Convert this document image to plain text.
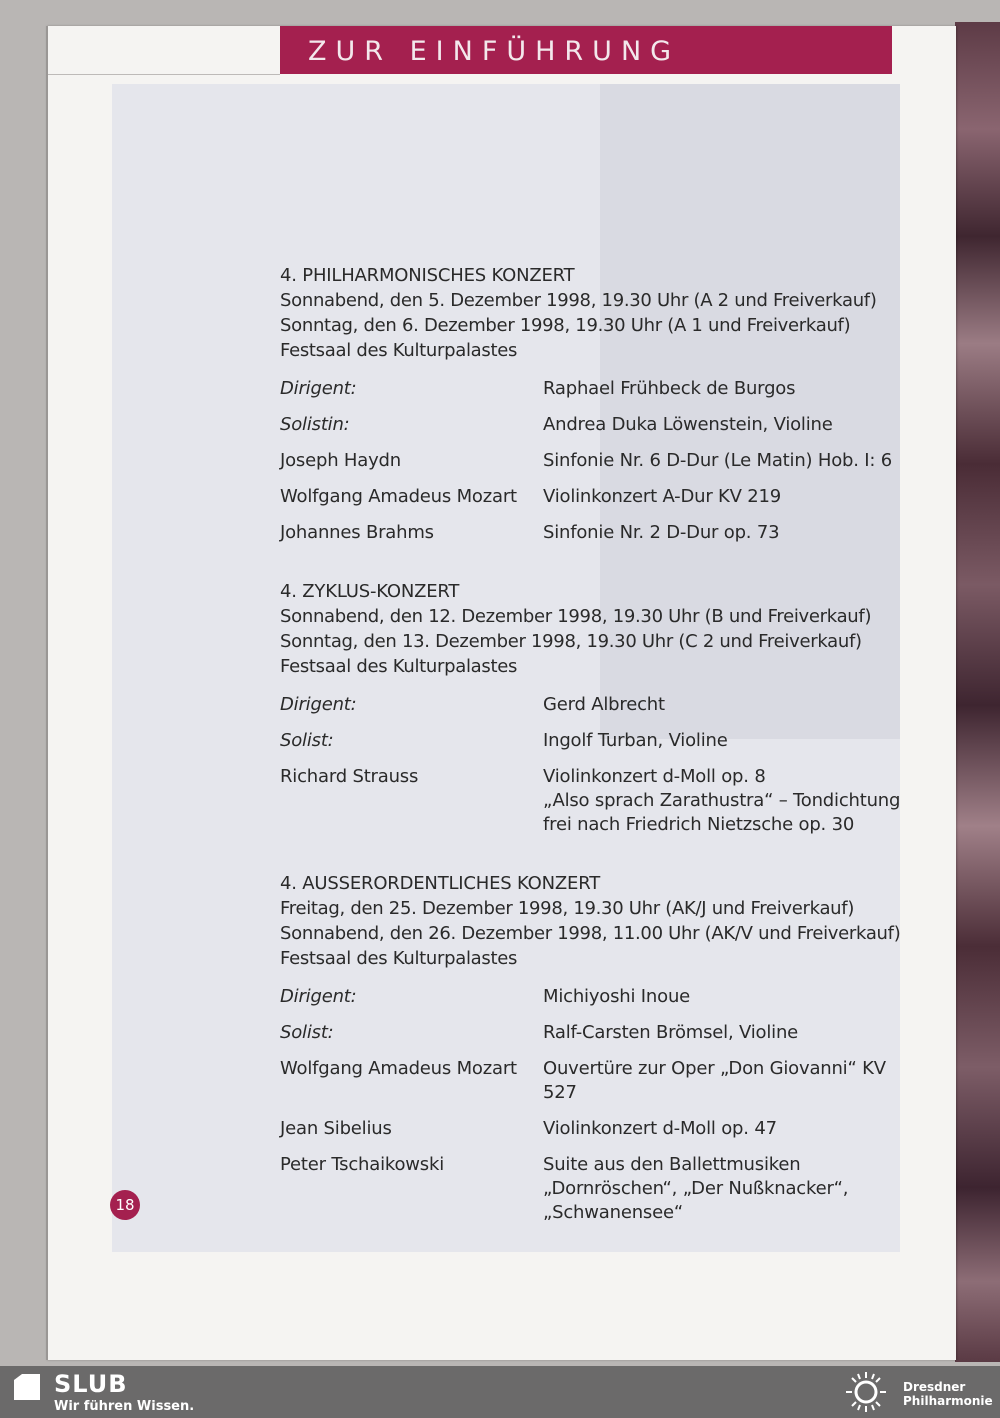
ZUR EINFÜHRUNG
4. PHILHARMONISCHES KONZERT
Sonnabend, den 5. Dezember 1998, 19.30 Uhr (A 2 und Freiverkauf)
Sonntag, den 6. Dezember 1998, 19.30 Uhr (A 1 und Freiverkauf)
Festsaal des Kulturpalastes
Dirigent:	Raphael Frühbeck de Burgos
Solistin:	Andrea Duka Löwenstein, Violine
Joseph Haydn	Sinfonie Nr. 6 D-Dur (Le Matin) Hob. I: 6
Wolfgang Amadeus Mozart	Violinkonzert A-Dur KV 219
Johannes Brahms	Sinfonie Nr. 2 D-Dur op. 73
4. ZYKLUS-KONZERT
Sonnabend, den 12. Dezember 1998, 19.30 Uhr (B und Freiverkauf)
Sonntag, den 13. Dezember 1998, 19.30 Uhr (C 2 und Freiverkauf)
Festsaal des Kulturpalastes
Dirigent:	Gerd Albrecht
Solist:	Ingolf Turban, Violine
Richard Strauss	Violinkonzert d-Moll op. 8
„Also sprach Zarathustra“ – Tondichtung frei nach Friedrich Nietzsche op. 30
4. AUSSERORDENTLICHES KONZERT
Freitag, den 25. Dezember 1998, 19.30 Uhr (AK/J und Freiverkauf)
Sonnabend, den 26. Dezember 1998, 11.00 Uhr (AK/V und Freiverkauf)
Festsaal des Kulturpalastes
Dirigent:	Michiyoshi Inoue
Solist:	Ralf-Carsten Brömsel, Violine
Wolfgang Amadeus Mozart	Ouvertüre zur Oper „Don Giovanni“ KV 527
Jean Sibelius	Violinkonzert d-Moll op. 47
Peter Tschaikowski	Suite aus den Ballettmusiken „Dornröschen“, „Der Nußknacker“, „Schwanensee“
18
SLUB
Wir führen Wissen.
Dresdner
Philharmonie
